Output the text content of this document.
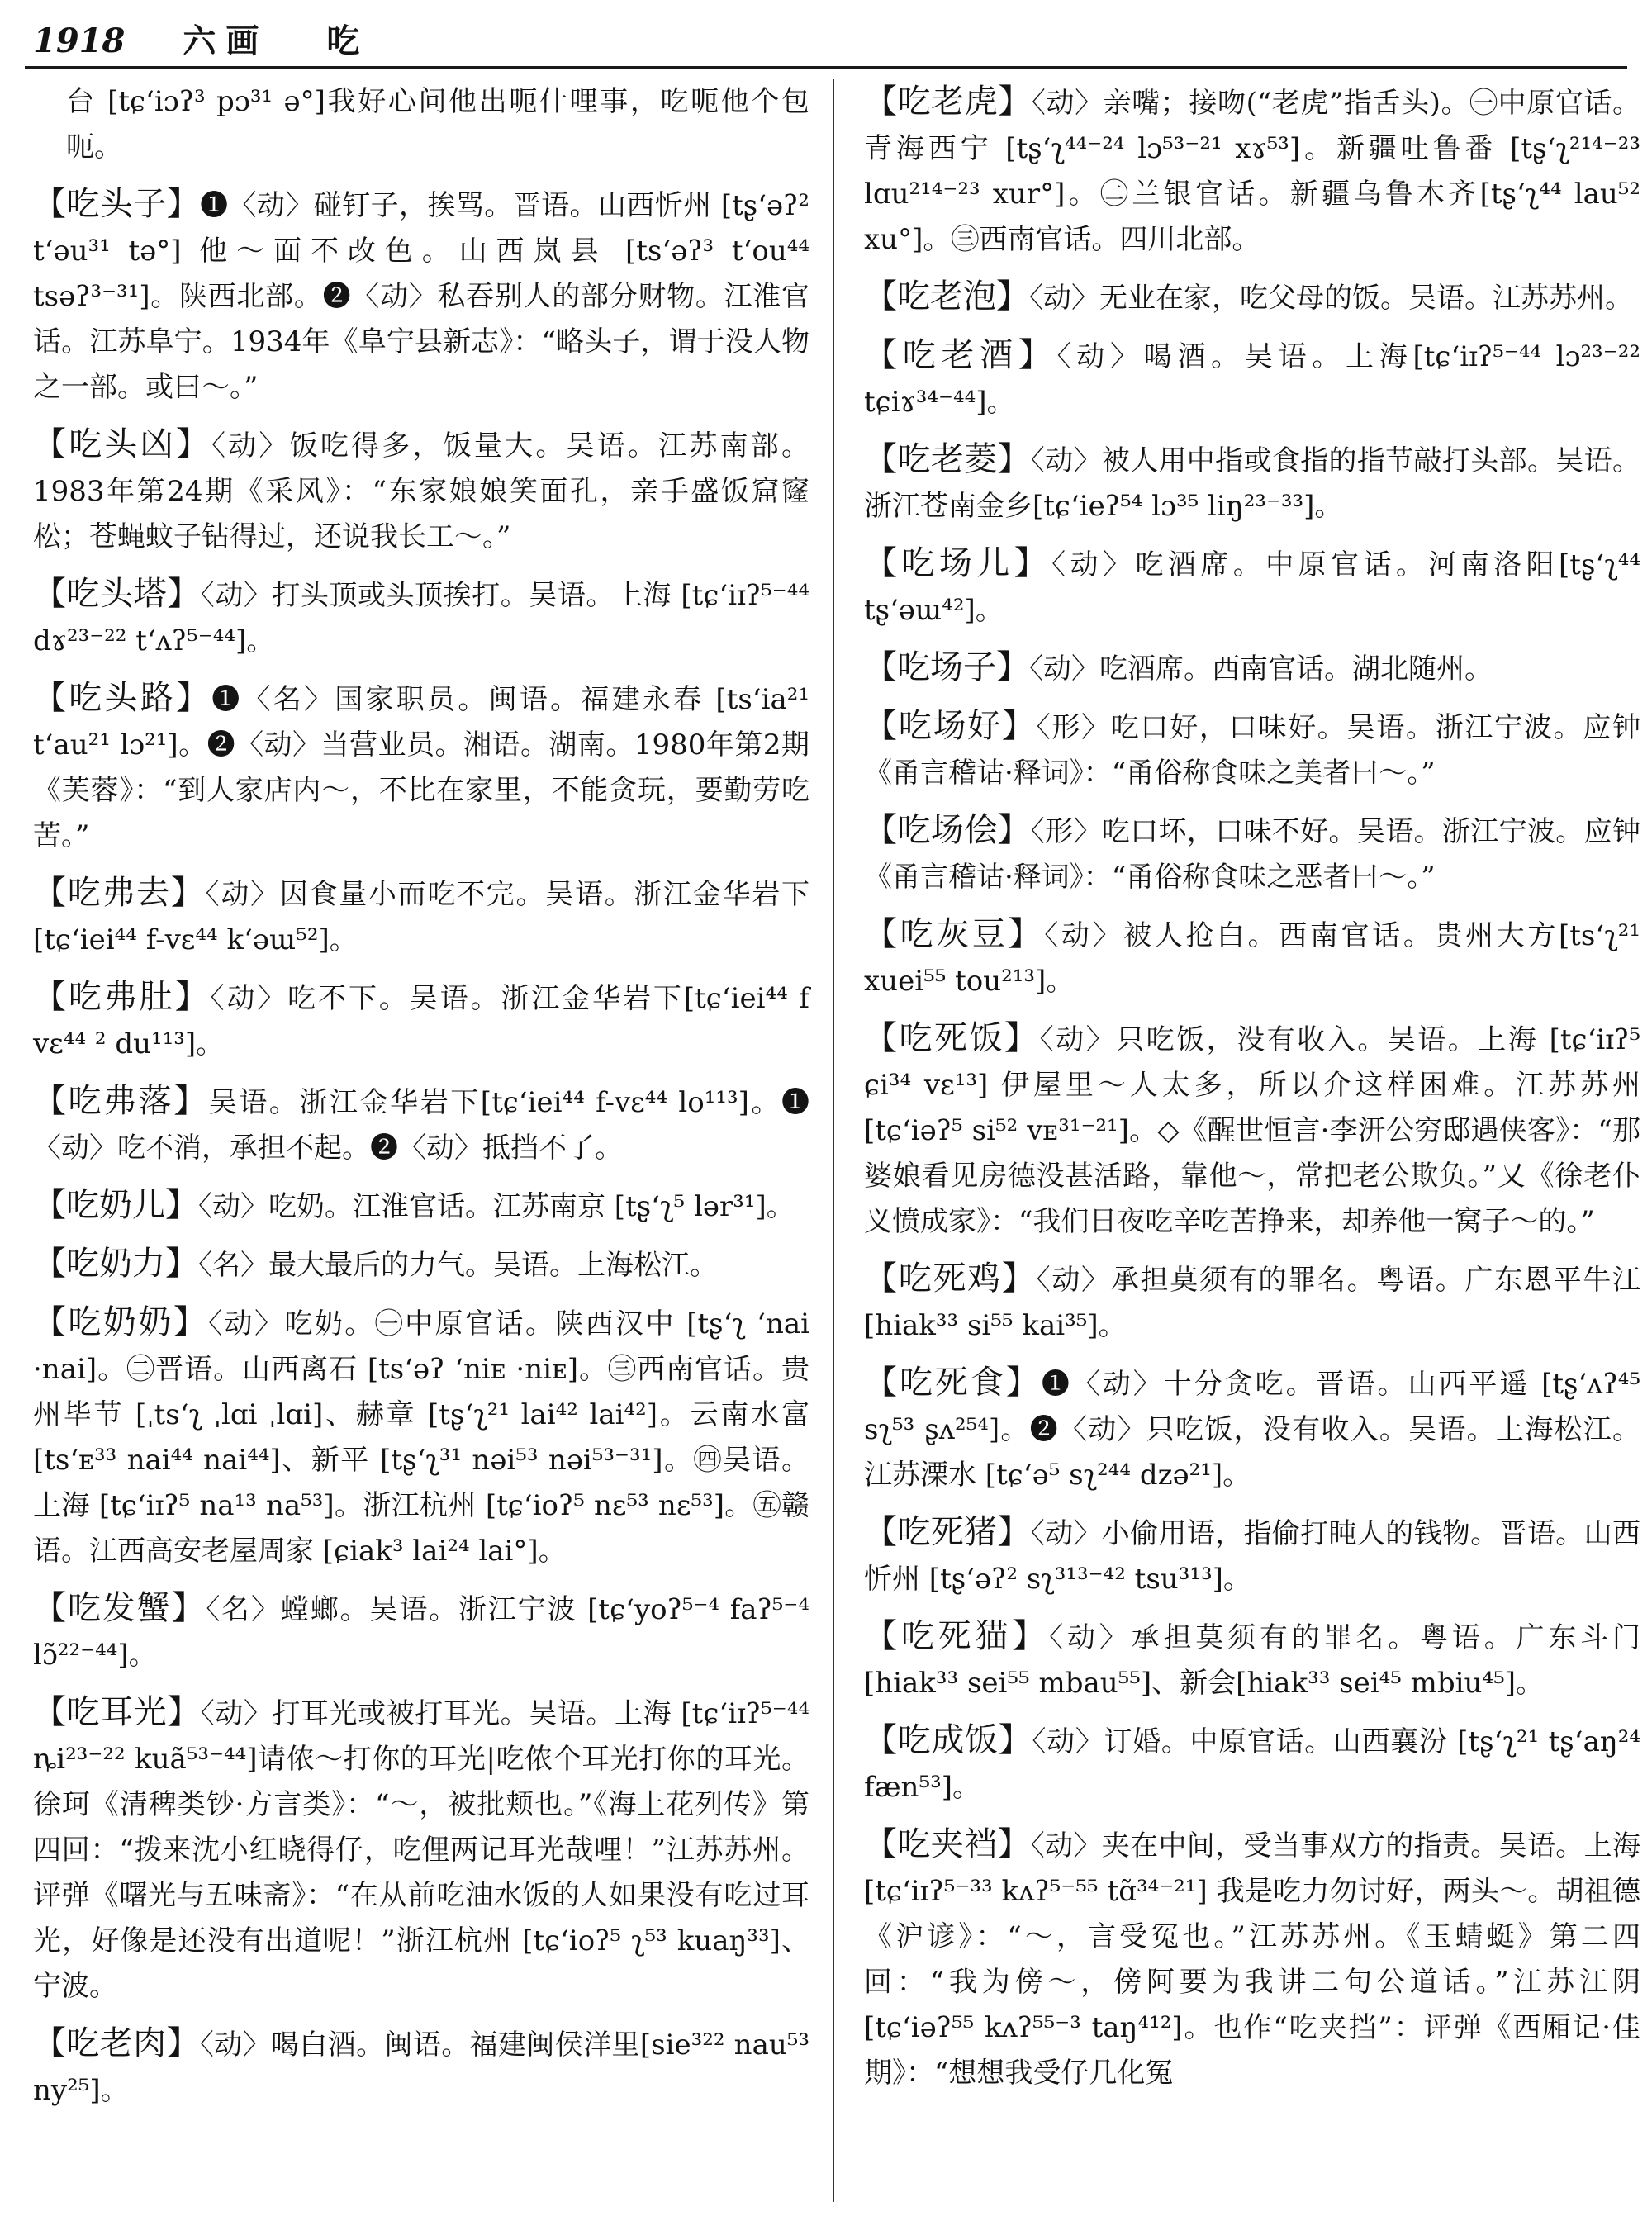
1918 六画 吃
台 [tɕʻiɔʔ³ pɔ³¹ ə°]我好心问他出呃什哩事，吃呃他个包呃。
【吃头子】❶〈动〉碰钉子，挨骂。晋语。山西忻州 [tʂʻəʔ² tʻəu³¹ tə°] 他～面不改色。山西岚县 [tsʻəʔ³ tʻou⁴⁴ tsəʔ³⁻³¹]。陕西北部。❷〈动〉私吞别人的部分财物。江淮官话。江苏阜宁。1934年《阜宁县新志》：“略头子，谓于没人物之一部。或曰～。”
【吃头凶】〈动〉饭吃得多，饭量大。吴语。江苏南部。1983年第24期《采风》：“东家娘娘笑面孔，亲手盛饭窟窿松；苍蝇蚊子钻得过，还说我长工～。”
【吃头塔】〈动〉打头顶或头顶挨打。吴语。上海 [tɕʻiɪʔ⁵⁻⁴⁴ dɤ²³⁻²² tʻʌʔ⁵⁻⁴⁴]。
【吃头路】❶〈名〉国家职员。闽语。福建永春 [tsʻia²¹ tʻau²¹ lɔ²¹]。❷〈动〉当营业员。湘语。湖南。1980年第2期《芙蓉》：“到人家店内～，不比在家里，不能贪玩，要勤劳吃苦。”
【吃弗去】〈动〉因食量小而吃不完。吴语。浙江金华岩下 [tɕʻiei⁴⁴ f-vɛ⁴⁴ kʻəɯ⁵²]。
【吃弗肚】〈动〉吃不下。吴语。浙江金华岩下[tɕʻiei⁴⁴ f vɛ⁴⁴ ² du¹¹³]。
【吃弗落】吴语。浙江金华岩下[tɕʻiei⁴⁴ f-vɛ⁴⁴ lo¹¹³]。❶〈动〉吃不消，承担不起。❷〈动〉抵挡不了。
【吃奶儿】〈动〉吃奶。江淮官话。江苏南京 [tʂʻʅ⁵ lər³¹]。
【吃奶力】〈名〉最大最后的力气。吴语。上海松江。
【吃奶奶】〈动〉吃奶。㊀中原官话。陕西汉中 [tʂʻʅ ʻnai ·nai]。㊁晋语。山西离石 [tsʻəʔ ʻniᴇ ·niᴇ]。㊂西南官话。贵州毕节 [ˌtsʻʅ ˌlɑi ˌlɑi]、赫章 [tʂʻʅ²¹ lai⁴² lai⁴²]。云南水富[tsʻᴇ³³ nai⁴⁴ nai⁴⁴]、新平 [tʂʻʅ³¹ nəi⁵³ nəi⁵³⁻³¹]。㊃吴语。上海 [tɕʻiɪʔ⁵ na¹³ na⁵³]。浙江杭州 [tɕʻioʔ⁵ nɛ⁵³ nɛ⁵³]。㊄赣语。江西高安老屋周家 [ɕiak³ lai²⁴ lai°]。
【吃发蟹】〈名〉螳螂。吴语。浙江宁波 [tɕʻyoʔ⁵⁻⁴ faʔ⁵⁻⁴ lɔ̃²²⁻⁴⁴]。
【吃耳光】〈动〉打耳光或被打耳光。吴语。上海 [tɕʻiɪʔ⁵⁻⁴⁴ ȵi²³⁻²² kuã⁵³⁻⁴⁴]请侬～打你的耳光|吃侬个耳光打你的耳光。徐珂《清稗类钞·方言类》：“～，被批颊也。”《海上花列传》第四回：“拨来沈小红晓得仔，吃俚两记耳光哉哩！”江苏苏州。评弹《曙光与五味斋》：“在从前吃油水饭的人如果没有吃过耳光，好像是还没有出道呢！”浙江杭州 [tɕʻioʔ⁵ ʅ⁵³ kuaŋ³³]、宁波。
【吃老肉】〈动〉喝白酒。闽语。福建闽侯洋里[sie³²² nau⁵³ ny²⁵]。
【吃老虎】〈动〉亲嘴；接吻(“老虎”指舌头)。㊀中原官话。青海西宁 [tʂʻʅ⁴⁴⁻²⁴ lɔ⁵³⁻²¹ xɤ⁵³]。新疆吐鲁番 [tʂʻʅ²¹⁴⁻²³ lɑu²¹⁴⁻²³ xur°]。㊁兰银官话。新疆乌鲁木齐[tʂʻʅ⁴⁴ lau⁵² xu°]。㊂西南官话。四川北部。
【吃老泡】〈动〉无业在家，吃父母的饭。吴语。江苏苏州。
【吃老酒】〈动〉喝酒。吴语。上海[tɕʻiɪʔ⁵⁻⁴⁴ lɔ²³⁻²² tɕiɤ³⁴⁻⁴⁴]。
【吃老菱】〈动〉被人用中指或食指的指节敲打头部。吴语。浙江苍南金乡[tɕʻieʔ⁵⁴ lɔ³⁵ liŋ²³⁻³³]。
【吃场儿】〈动〉吃酒席。中原官话。河南洛阳[tʂʻʅ⁴⁴ tʂʻəɯ⁴²]。
【吃场子】〈动〉吃酒席。西南官话。湖北随州。
【吃场好】〈形〉吃口好，口味好。吴语。浙江宁波。应钟《甬言稽诂·释词》：“甬俗称食味之美者曰～。”
【吃场侩】〈形〉吃口坏，口味不好。吴语。浙江宁波。应钟《甬言稽诂·释词》：“甬俗称食味之恶者曰～。”
【吃灰豆】〈动〉被人抢白。西南官话。贵州大方[tsʻʅ²¹ xuei⁵⁵ tou²¹³]。
【吃死饭】〈动〉只吃饭，没有收入。吴语。上海 [tɕʻiɪʔ⁵ ɕi³⁴ vɛ¹³] 伊屋里～人太多，所以介这样困难。江苏苏州 [tɕʻiəʔ⁵ si⁵² vᴇ³¹⁻²¹]。◇《醒世恒言·李汧公穷邸遇侠客》：“那婆娘看见房德没甚活路，靠他～，常把老公欺负。”又《徐老仆义愤成家》：“我们日夜吃辛吃苦挣来，却养他一窝子～的。”
【吃死鸡】〈动〉承担莫须有的罪名。粤语。广东恩平牛江 [hiak³³ si⁵⁵ kai³⁵]。
【吃死食】❶〈动〉十分贪吃。晋语。山西平遥 [tʂʻʌʔ⁴⁵ sʅ⁵³ ʂʌ²⁵⁴]。❷〈动〉只吃饭，没有收入。吴语。上海松江。江苏溧水 [tɕʻə⁵ sʅ²⁴⁴ dzə²¹]。
【吃死猪】〈动〉小偷用语，指偷打盹人的钱物。晋语。山西忻州 [tʂʻəʔ² sʅ³¹³⁻⁴² tsu³¹³]。
【吃死猫】〈动〉承担莫须有的罪名。粤语。广东斗门 [hiak³³ sei⁵⁵ mbau⁵⁵]、新会[hiak³³ sei⁴⁵ mbiu⁴⁵]。
【吃成饭】〈动〉订婚。中原官话。山西襄汾 [tʂʻʅ²¹ tʂʻaŋ²⁴ fæn⁵³]。
【吃夹裆】〈动〉夹在中间，受当事双方的指责。吴语。上海 [tɕʻiɪʔ⁵⁻³³ kʌʔ⁵⁻⁵⁵ tɑ̃³⁴⁻²¹] 我是吃力勿讨好，两头～。胡祖德《沪谚》：“～，言受冤也。”江苏苏州。《玉蜻蜓》第二四回：“我为傍～，傍阿要为我讲二句公道话。”江苏江阴 [tɕʻiəʔ⁵⁵ kʌʔ⁵⁵⁻³ taŋ⁴¹²]。也作“吃夹挡”：评弹《西厢记·佳期》：“想想我受仔几化冤
